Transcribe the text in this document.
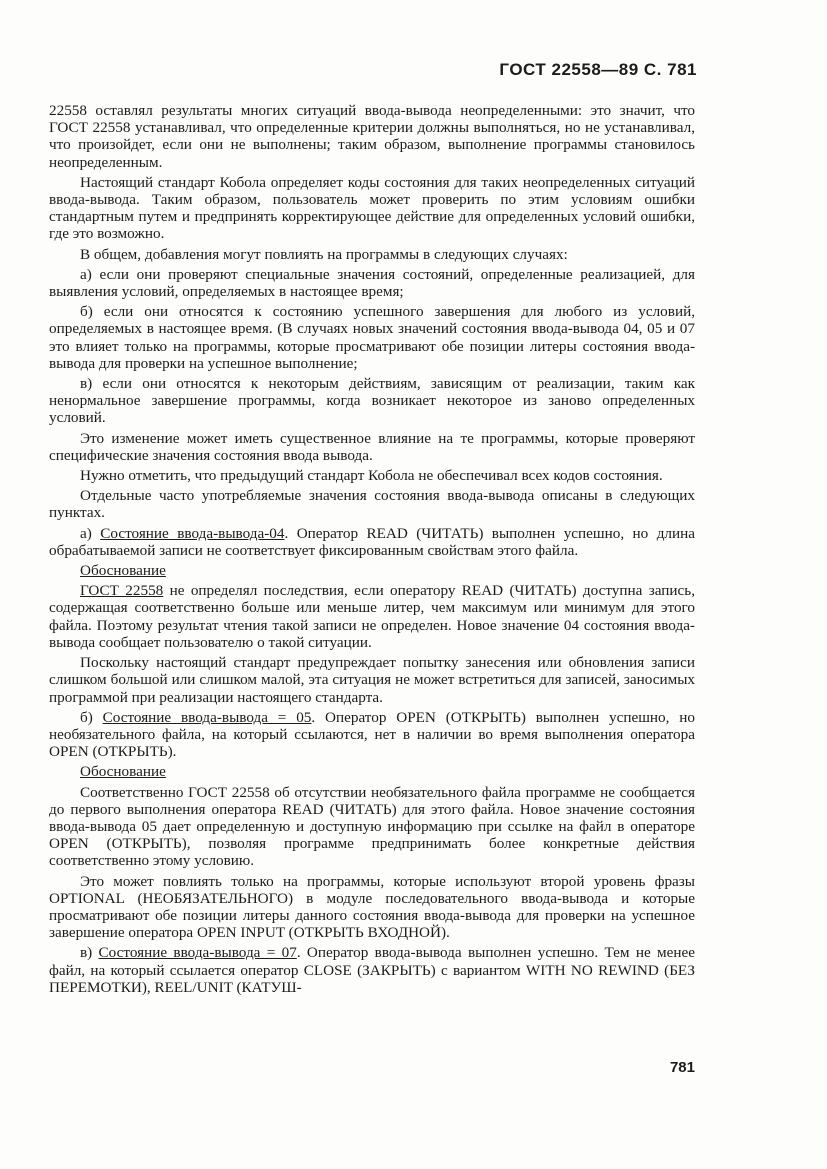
ГОСТ 22558—89 С. 781

22558 оставлял результаты многих ситуаций ввода-вывода неопределенными: это значит, что ГОСТ 22558 устанавливал, что определенные критерии должны выполняться, но не устанавливал, что произойдет, если они не выполнены; таким образом, выполнение программы становилось неопределенным.

Настоящий стандарт Кобола определяет коды состояния для таких неопределенных ситуаций ввода-вывода. Таким образом, пользователь может проверить по этим условиям ошибки стандартным путем и предпринять корректирующее действие для определенных условий ошибки, где это возможно.

В общем, добавления могут повлиять на программы в следующих случаях:

а) если они проверяют специальные значения состояний, определенные реализацией, для выявления условий, определяемых в настоящее время;

б) если они относятся к состоянию успешного завершения для любого из условий, определяемых в настоящее время. (В случаях новых значений состояния ввода-вывода 04, 05 и 07 это влияет только на программы, которые просматривают обе позиции литеры состояния ввода-вывода для проверки на успешное выполнение;

в) если они относятся к некоторым действиям, зависящим от реализации, таким как ненормальное завершение программы, когда возникает некоторое из заново определенных условий.

Это изменение может иметь существенное влияние на те программы, которые проверяют специфические значения состояния ввода вывода.

Нужно отметить, что предыдущий стандарт Кобола не обеспечивал всех кодов состояния.

Отдельные часто употребляемые значения состояния ввода-вывода описаны в следующих пунктах.

а) Состояние ввода-вывода-04. Оператор READ (ЧИТАТЬ) выполнен успешно, но длина обрабатываемой записи не соответствует фиксированным свойствам этого файла.

Обоснование

ГОСТ 22558 не определял последствия, если оператору READ (ЧИТАТЬ) доступна запись, содержащая соответственно больше или меньше литер, чем максимум или минимум для этого файла. Поэтому результат чтения такой записи не определен. Новое значение 04 состояния ввода-вывода сообщает пользователю о такой ситуации.

Поскольку настоящий стандарт предупреждает попытку занесения или обновления записи слишком большой или слишком малой, эта ситуация не может встретиться для записей, заносимых программой при реализации настоящего стандарта.

б) Состояние ввода-вывода = 05. Оператор OPEN (ОТКРЫТЬ) выполнен успешно, но необязательного файла, на который ссылаются, нет в наличии во время выполнения оператора OPEN (ОТКРЫТЬ).

Обоснование

Соответственно ГОСТ 22558 об отсутствии необязательного файла программе не сообщается до первого выполнения оператора READ (ЧИТАТЬ) для этого файла. Новое значение состояния ввода-вывода 05 дает определенную и доступную информацию при ссылке на файл в операторе OPEN (ОТКРЫТЬ), позволяя программе предпринимать более конкретные действия соответственно этому условию.

Это может повлиять только на программы, которые используют второй уровень фразы OPTIONAL (НЕОБЯЗАТЕЛЬНОГО) в модуле последовательного ввода-вывода и которые просматривают обе позиции литеры данного состояния ввода-вывода для проверки на успешное завершение оператора OPEN INPUT (ОТКРЫТЬ ВХОДНОЙ).

в) Состояние ввода-вывода = 07. Оператор ввода-вывода выполнен успешно. Тем не менее файл, на который ссылается оператор CLOSE (ЗАКРЫТЬ) с вариантом WITH NO REWIND (БЕЗ ПЕРЕМОТКИ), REEL/UNIT (КАТУШ-

781
